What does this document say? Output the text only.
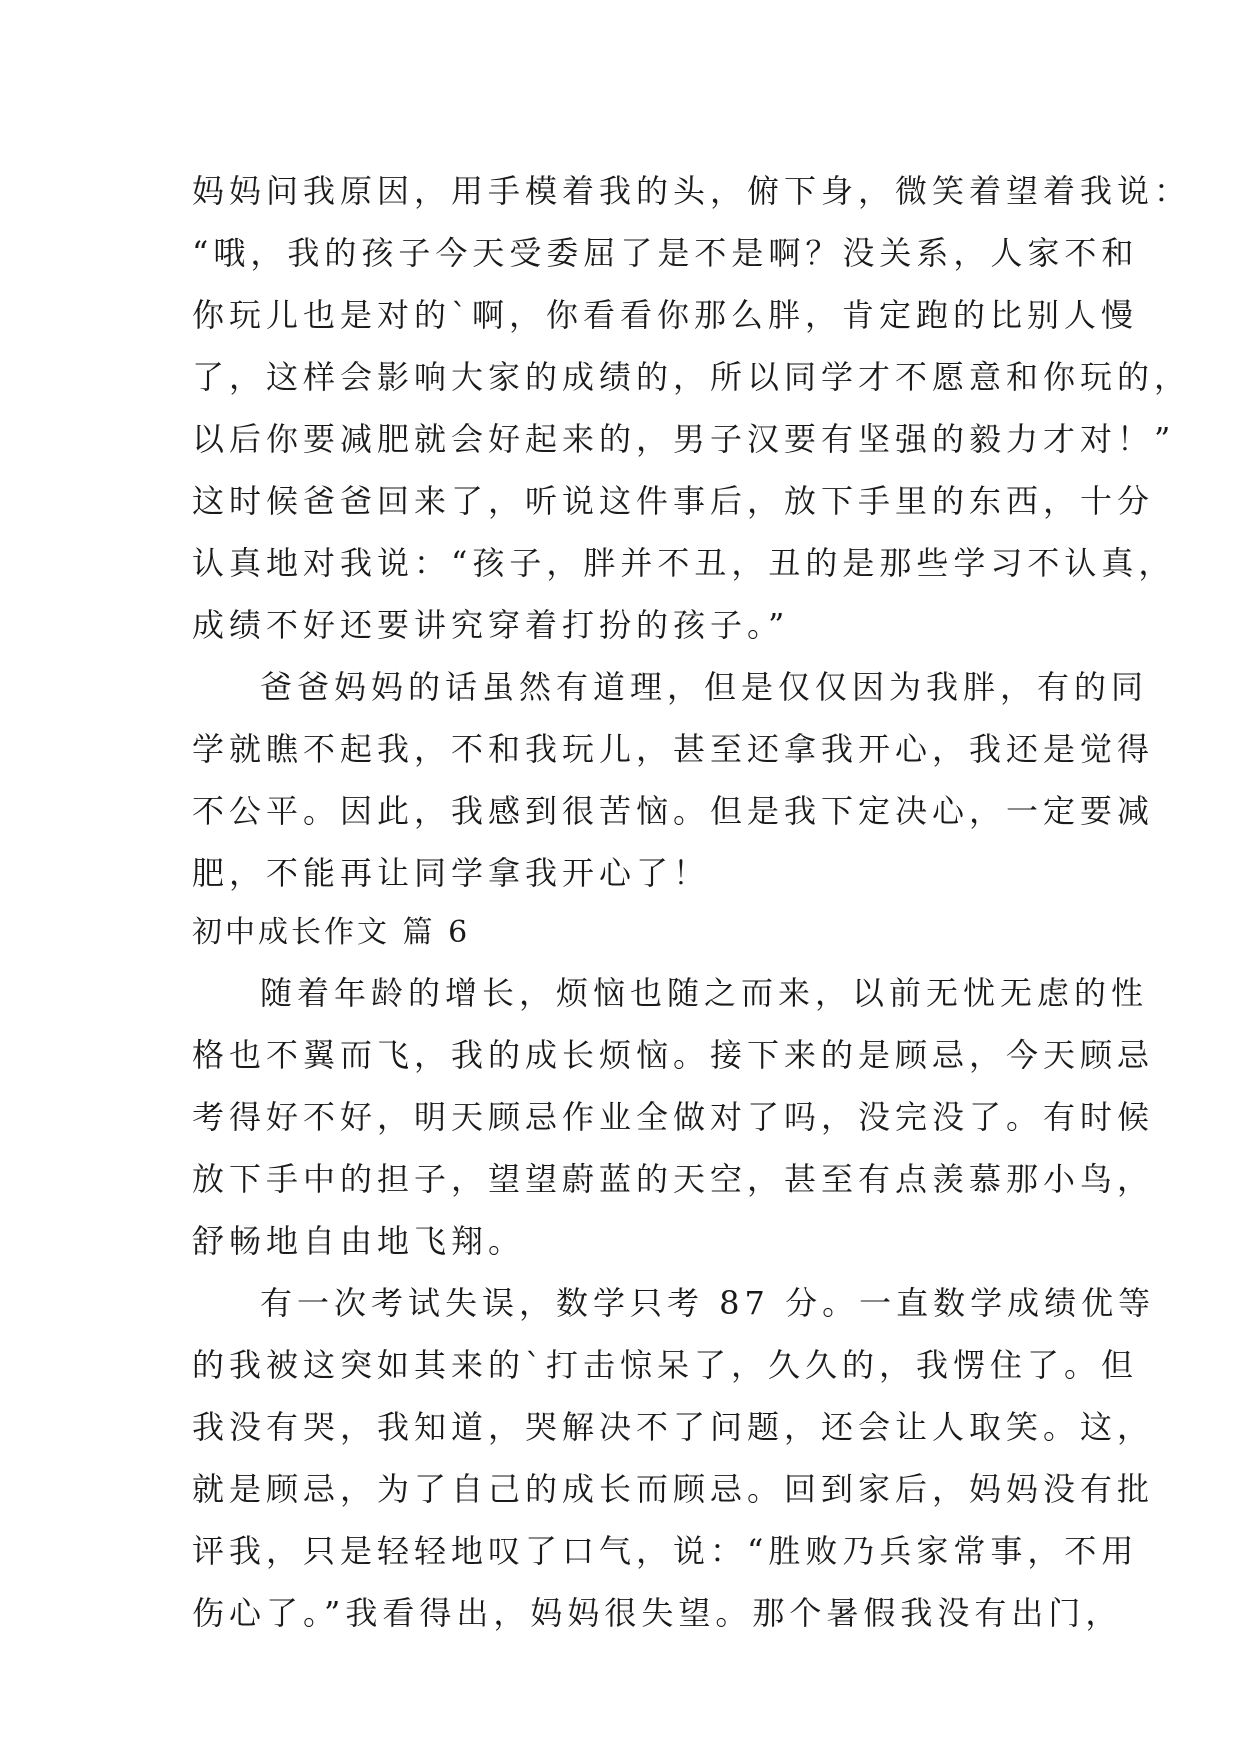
妈妈问我原因，用手模着我的头，俯下身，微笑着望着我说：
“哦，我的孩子今天受委屈了是不是啊？没关系，人家不和
你玩儿也是对的`啊，你看看你那么胖，肯定跑的比别人慢
了，这样会影响大家的成绩的，所以同学才不愿意和你玩的，
以后你要减肥就会好起来的，男子汉要有坚强的毅力才对！”
这时候爸爸回来了，听说这件事后，放下手里的东西，十分
认真地对我说：“孩子，胖并不丑，丑的是那些学习不认真，
成绩不好还要讲究穿着打扮的孩子。”
爸爸妈妈的话虽然有道理，但是仅仅因为我胖，有的同
学就瞧不起我，不和我玩儿，甚至还拿我开心，我还是觉得
不公平。因此，我感到很苦恼。但是我下定决心，一定要减
肥，不能再让同学拿我开心了！
初中成长作文 篇 6
随着年龄的增长，烦恼也随之而来，以前无忧无虑的性
格也不翼而飞，我的成长烦恼。接下来的是顾忌，今天顾忌
考得好不好，明天顾忌作业全做对了吗，没完没了。有时候
放下手中的担子，望望蔚蓝的天空，甚至有点羡慕那小鸟，
舒畅地自由地飞翔。
有一次考试失误，数学只考 87 分。一直数学成绩优等
的我被这突如其来的`打击惊呆了，久久的，我愣住了。但
我没有哭，我知道，哭解决不了问题，还会让人取笑。这，
就是顾忌，为了自己的成长而顾忌。回到家后，妈妈没有批
评我，只是轻轻地叹了口气，说：“胜败乃兵家常事，不用
伤心了。”我看得出，妈妈很失望。那个暑假我没有出门，
